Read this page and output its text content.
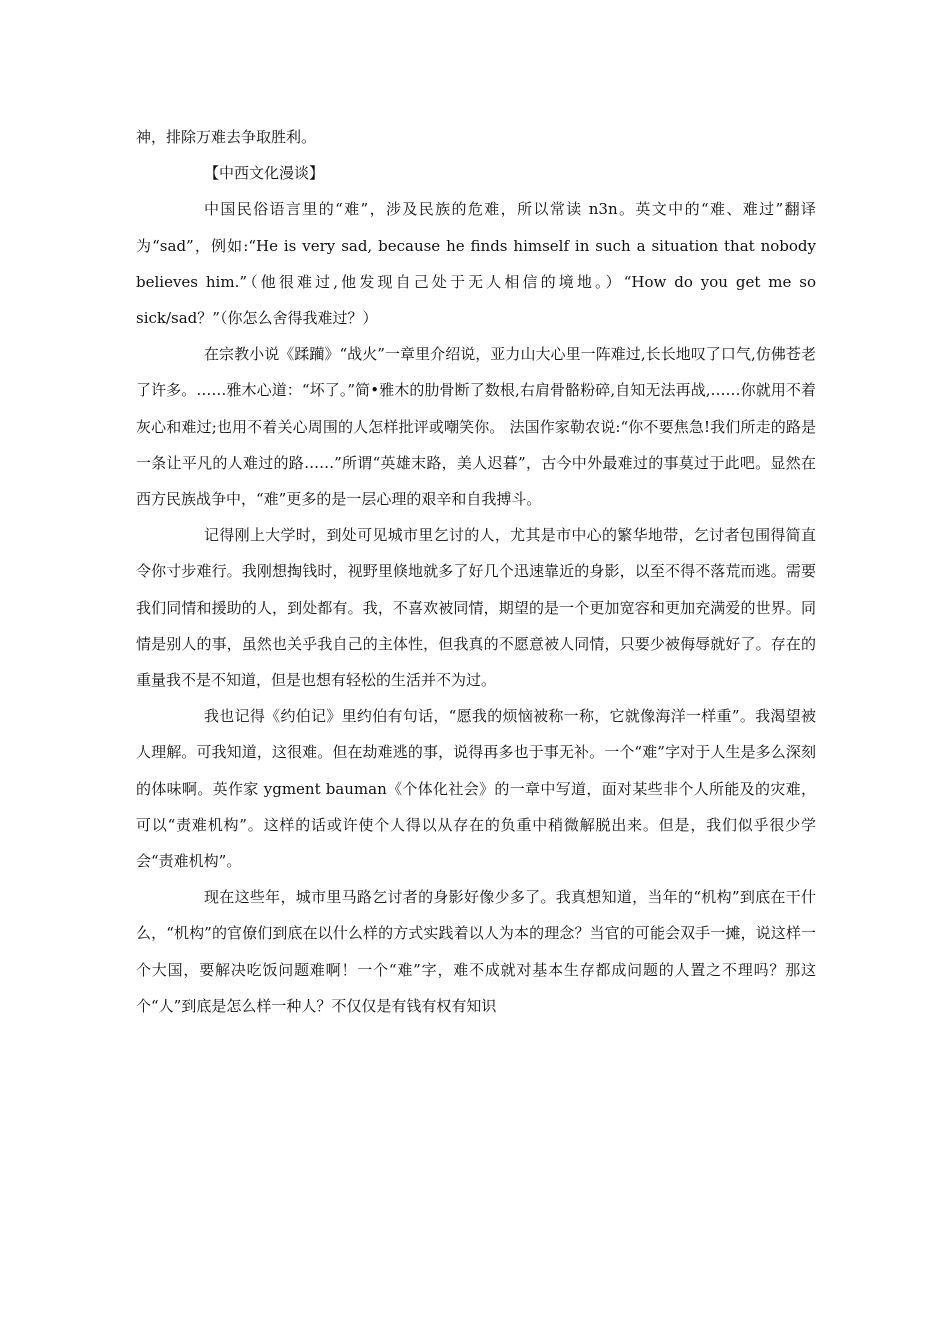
神，排除万难去争取胜利。

【中西文化漫谈】

中国民俗语言里的“难”，涉及民族的危难，所以常读 n3n。英文中的“难、难过”翻译为“sad”，例如:“He is very sad, because he finds himself in such a situation that nobody believes him.”（他很难过,他发现自己处于无人相信的境地。）“How do you get me so sick/sad？”（你怎么舍得我难过？）

在宗教小说《蹂躏》“战火”一章里介绍说，亚力山大心里一阵难过,长长地叹了口气,仿佛苍老了许多。……雅木心道：“坏了。”简•雅木的肋骨断了数根,右肩骨骼粉碎,自知无法再战,……你就用不着灰心和难过;也用不着关心周围的人怎样批评或嘲笑你。 法国作家勒农说:“你不要焦急!我们所走的路是一条让平凡的人难过的路……”所谓“英雄末路，美人迟暮”，古今中外最难过的事莫过于此吧。显然在西方民族战争中，“难”更多的是一层心理的艰辛和自我搏斗。

记得刚上大学时，到处可见城市里乞讨的人，尤其是市中心的繁华地带，乞讨者包围得简直令你寸步难行。我刚想掏钱时，视野里倏地就多了好几个迅速靠近的身影，以至不得不落荒而逃。需要我们同情和援助的人，到处都有。我，不喜欢被同情，期望的是一个更加宽容和更加充满爱的世界。同情是别人的事，虽然也关乎我自己的主体性，但我真的不愿意被人同情，只要少被侮辱就好了。存在的重量我不是不知道，但是也想有轻松的生活并不为过。

我也记得《约伯记》里约伯有句话，“愿我的烦恼被称一称，它就像海洋一样重”。我渴望被人理解。可我知道，这很难。但在劫难逃的事，说得再多也于事无补。一个“难”字对于人生是多么深刻的体味啊。英作家 ygment bauman《个体化社会》的一章中写道，面对某些非个人所能及的灾难，可以“责难机构”。这样的话或许使个人得以从存在的负重中稍微解脱出来。但是，我们似乎很少学会“责难机构”。

现在这些年，城市里马路乞讨者的身影好像少多了。我真想知道，当年的“机构”到底在干什么，“机构”的官僚们到底在以什么样的方式实践着以人为本的理念？当官的可能会双手一摊，说这样一个大国，要解决吃饭问题难啊！一个“难”字，难不成就对基本生存都成问题的人置之不理吗？那这个“人”到底是怎么样一种人？不仅仅是有钱有权有知识
